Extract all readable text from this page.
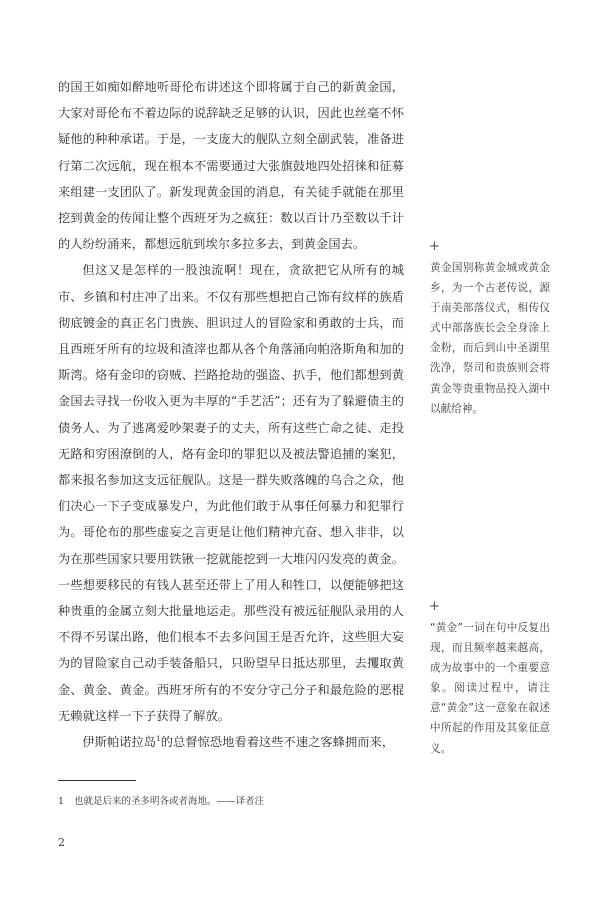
的国王如痴如醉地听哥伦布讲述这个即将属于自己的新黄金国，大家对哥伦布不着边际的说辞缺乏足够的认识，因此也丝毫不怀疑他的种种承诺。于是，一支庞大的舰队立刻全副武装，准备进行第二次远航，现在根本不需要通过大张旗鼓地四处招徕和征募来组建一支团队了。新发现黄金国的消息，有关徒手就能在那里挖到黄金的传闻让整个西班牙为之疯狂：数以百计乃至数以千计的人纷纷涌来，都想远航到埃尔多拉多去，到黄金国去。

但这又是怎样的一股浊流啊！现在，贪欲把它从所有的城市、乡镇和村庄冲了出来。不仅有那些想把自己饰有纹样的族盾彻底镀金的真正名门贵族、胆识过人的冒险家和勇敢的士兵，而且西班牙所有的垃圾和渣滓也都从各个角落涌向帕洛斯角和加的斯湾。烙有金印的窃贼、拦路抢劫的强盗、扒手，他们都想到黄金国去寻找一份收入更为丰厚的“手艺活”；还有为了躲避债主的债务人、为了逃离爱吵架妻子的丈夫，所有这些亡命之徒、走投无路和穷困潦倒的人，烙有金印的罪犯以及被法警追捕的案犯，都来报名参加这支远征舰队。这是一群失败落魄的乌合之众，他们决心一下子变成暴发户，为此他们敢于从事任何暴力和犯罪行为。哥伦布的那些虚妄之言更是让他们精神亢奋、想入非非，以为在那些国家只要用铁锹一挖就能挖到一大堆闪闪发亮的黄金。一些想要移民的有钱人甚至还带上了用人和牲口，以便能够把这种贵重的金属立刻大批量地运走。那些没有被远征舰队录用的人不得不另谋出路，他们根本不去多问国王是否允许，这些胆大妄为的冒险家自己动手装备船只，只盼望早日抵达那里，去攫取黄金、黄金、黄金。西班牙所有的不安分守己分子和最危险的恶棍无赖就这样一下子获得了解放。

伊斯帕诺拉岛$^1$的总督惊恐地看着这些不速之客蜂拥而来，

+
黄金国别称黄金城或黄金乡，为一个古老传说，源于南美部落仪式，相传仪式中部落族长会全身涂上金粉，而后到山中圣湖里洗净，祭司和贵族则会将黄金等贵重物品投入湖中以献给神。
+
“黄金”一词在句中反复出现，而且频率越来越高，成为故事中的一个重要意象。阅读过程中，请注意“黄金”这一意象在叙述中所起的作用及其象征意义。
1 也就是后来的圣多明各或者海地。——译者注
2
